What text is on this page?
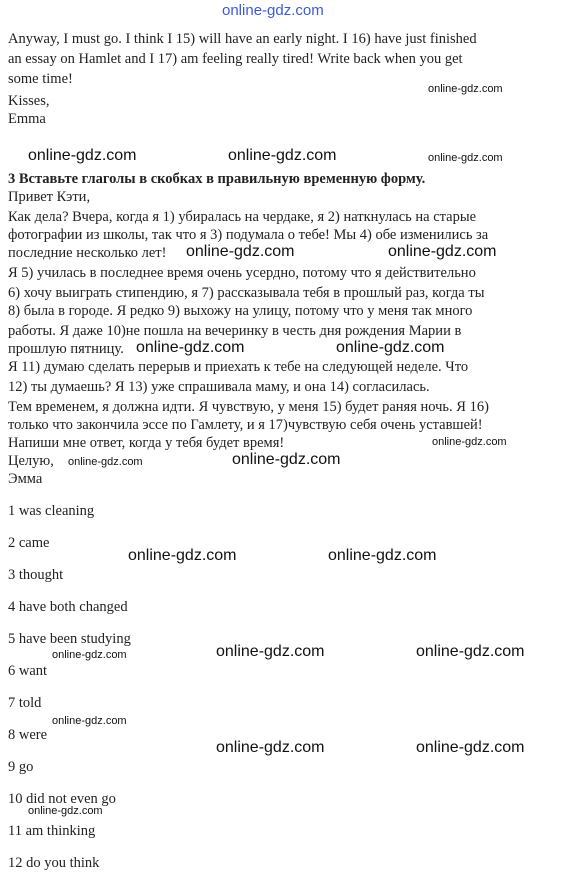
online-gdz.com
Anyway, I must go. I think I 15) will have an early night. I 16) have just finished
an essay on Hamlet and I 17) am feeling really tired! Write back when you get
some time!
Kisses,
Emma
3 Вставьте глаголы в скобках в правильную временную форму.
Привет Кэти,
Как дела? Вчера, когда я 1) убиралась на чердаке, я 2) наткнулась на старые
фотографии из школы, так что я 3) подумала о тебе! Мы 4) обе изменились за
последние несколько лет!
Я 5) училась в последнее время очень усердно, потому что я действительно
6) хочу выиграть стипендию, я 7) рассказывала тебя в прошлый раз, когда ты
8) была в городе. Я редко 9) выхожу на улицу, потому что у меня так много
работы. Я даже 10)не пошла на вечеринку в честь дня рождения Марии в
прошлую пятницу.
Я 11) думаю сделать перерыв и приехать к тебе на следующей неделе. Что
12) ты думаешь? Я 13) уже спрашивала маму, и она 14) согласилась.
Тем временем, я должна идти. Я чувствую, у меня 15) будет раняя ночь. Я 16)
только что закончила эссе по Гамлету, и я 17)чувствую себя очень уставшей!
Напиши мне ответ, когда у тебя будет время!
Целую,
Эмма
1 was cleaning
2 came
3 thought
4 have both changed
5 have been studying
6 want
7 told
8 were
9 go
10 did not even go
11 am thinking
12 do you think
online-gdz.com
online-gdz.com	online-gdz.com	online-gdz.com
online-gdz.com	online-gdz.com
online-gdz.com	online-gdz.com
online-gdz.com
online-gdz.com	online-gdz.com
online-gdz.com	online-gdz.com
online-gdz.com	online-gdz.com	online-gdz.com
online-gdz.com
online-gdz.com	online-gdz.com
online-gdz.com
